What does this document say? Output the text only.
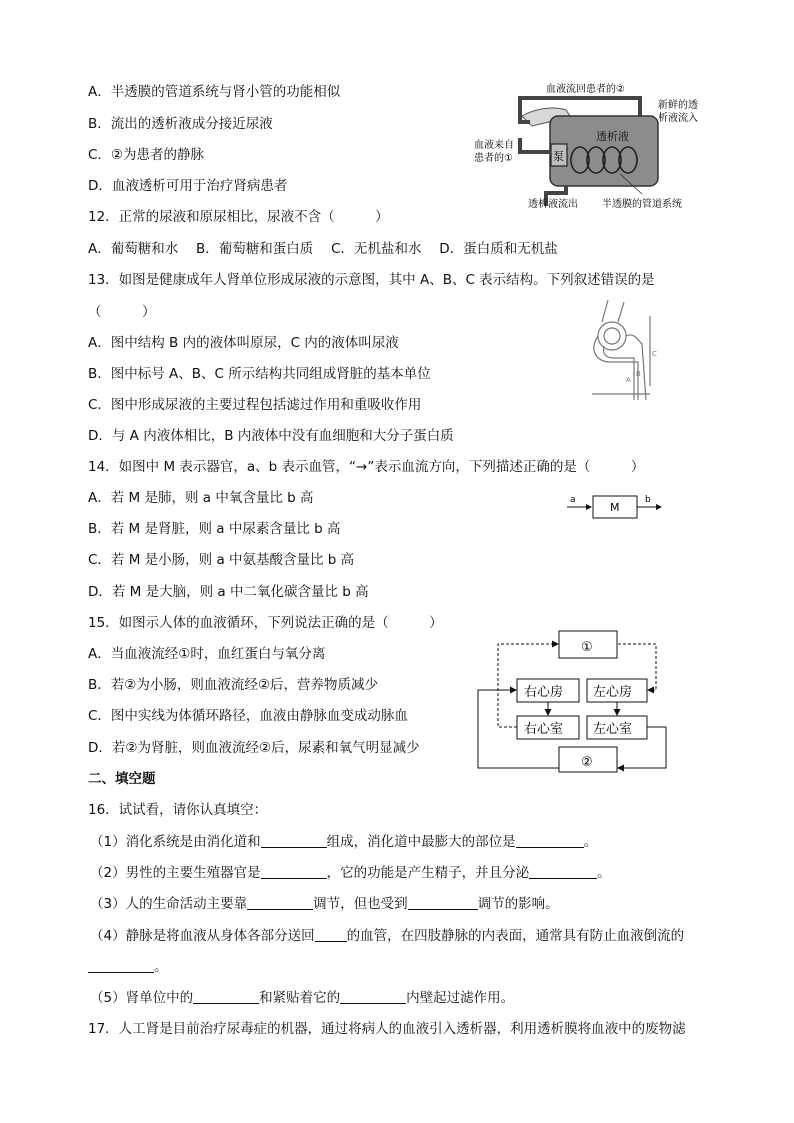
A．半透膜的管道系统与肾小管的功能相似
B．流出的透析液成分接近尿液
C．②为患者的静脉
D．血液透析可用于治疗肾病患者
血液流回患者的②
新鲜的透
析液流入
血液来自
患者的①
透析液
泵
透析液流出 半透膜的管道系统
12．正常的尿液和原尿相比，尿液不含（　　　）
A．葡萄糖和水　 B．葡萄糖和蛋白质　 C．无机盐和水　 D．蛋白质和无机盐
13．如图是健康成年人肾单位形成尿液的示意图，其中 A、B、C 表示结构。下列叙述错误的是
（　　　）
A．图中结构 B 内的液体叫原尿，C 内的液体叫尿液
B．图中标号 A、B、C 所示结构共同组成肾脏的基本单位
C．图中形成尿液的主要过程包括滤过作用和重吸收作用
D．与 A 内液体相比，B 内液体中没有血细胞和大分子蛋白质
A
B
C
14．如图中 M 表示器官，a、b 表示血管，“→”表示血流方向，下列描述正确的是（　　　）
A．若 M 是肺，则 a 中氧含量比 b 高
B．若 M 是肾脏，则 a 中尿素含量比 b 高
C．若 M 是小肠，则 a 中氨基酸含量比 b 高
D．若 M 是大脑，则 a 中二氧化碳含量比 b 高
a
M
b
15．如图示人体的血液循环，下列说法正确的是（　　　）
A．当血液流经①时，血红蛋白与氧分离
B．若②为小肠，则血液流经②后，营养物质减少
C．图中实线为体循环路径，血液由静脉血变成动脉血
D．若②为肾脏，则血液流经②后，尿素和氧气明显减少
①
右心房 左心房
右心室 左心室
②
二、填空题
16．试试看，请你认真填空：
（1）消化系统是由消化道和	组成，消化道中最膨大的部位是	。
（2）男性的主要生殖器官是	，它的功能是产生精子，并且分泌	。
（3）人的生命活动主要靠	调节，但也受到	调节的影响。
（4）静脉是将血液从身体各部分送回 的血管，在四肢静脉的内表面，通常具有防止血液倒流的
。
（5）肾单位中的	和紧贴着它的	内壁起过滤作用。
17．人工肾是目前治疗尿毒症的机器，通过将病人的血液引入透析器，利用透析膜将血液中的废物滤
